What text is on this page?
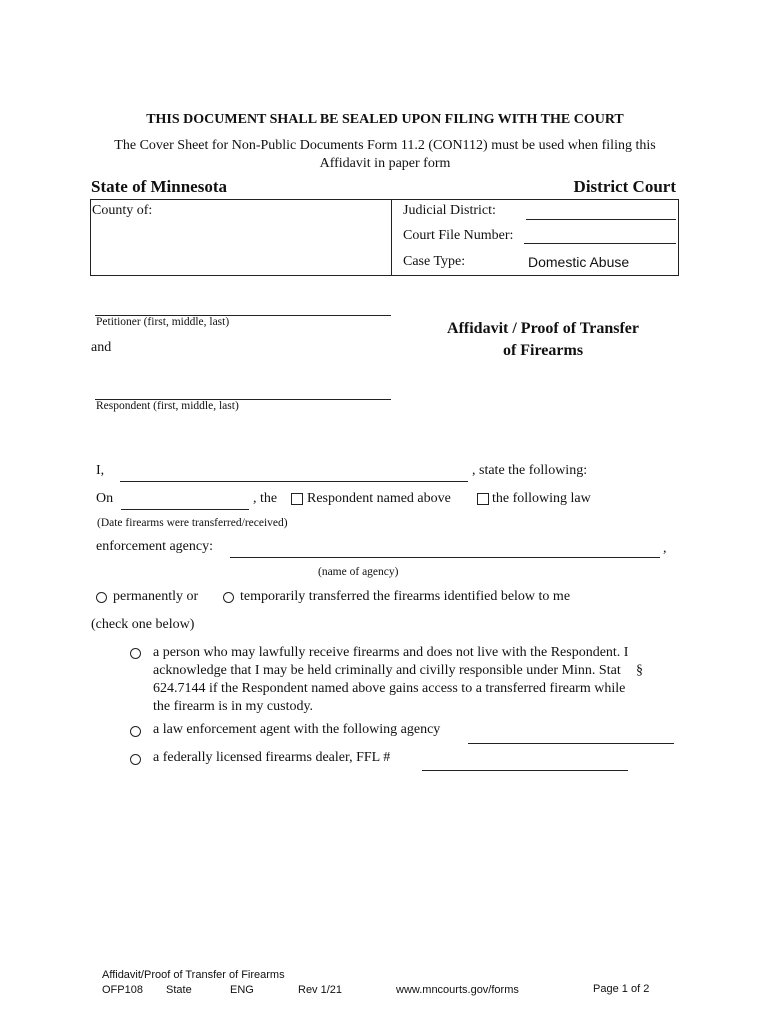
THIS DOCUMENT SHALL BE SEALED UPON FILING WITH THE COURT
The Cover Sheet for Non-Public Documents Form 11.2 (CON112) must be used when filing this
Affidavit in paper form
State of Minnesota	District Court
County of:	Judicial District:
Court File Number:
Case Type:	Domestic Abuse
Petitioner (first, middle, last)
and
Respondent (first, middle, last)
Affidavit / Proof of Transfer
of Firearms
I,	, state the following:
On	, the Respondent named above	the following law
(Date firearms were transferred/received)
enforcement agency:	,
(name of agency)
permanently or	temporarily transferred the firearms identified below to me
(check one below)
a person who may lawfully receive firearms and does not live with the Respondent. I
acknowledge that I may be held criminally and civilly responsible under Minn. Stat §
624.7144 if the Respondent named above gains access to a transferred firearm while
the firearm is in my custody.
a law enforcement agent with the following agency
a federally licensed firearms dealer, FFL #
Affidavit/Proof of Transfer of Firearms
OFP108 State	ENG	Rev 1/21	www.mncourts.gov/forms	Page 1 of 2
